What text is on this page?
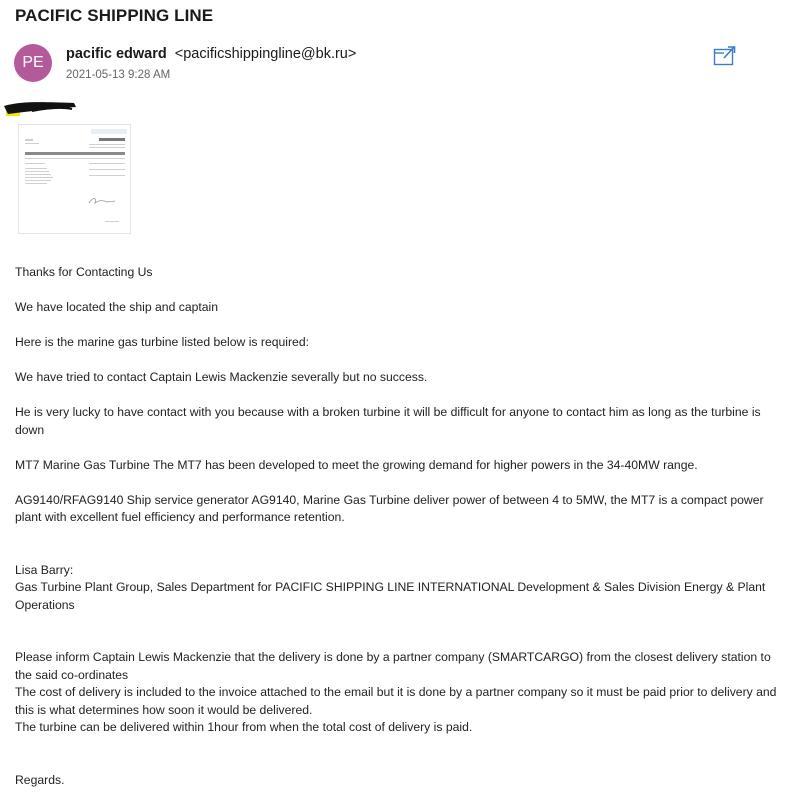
PACIFIC SHIPPING LINE
PE pacific edward <pacificshippingline@bk.ru>
2021-05-13 9:28 AM

Thanks for Contacting Us

We have located the ship and captain

Here is the marine gas turbine listed below is required:

We have tried to contact Captain Lewis Mackenzie severally but no success.

He is very lucky to have contact with you because with a broken turbine it will be difficult for anyone to contact him as long as the turbine is down

MT7 Marine Gas Turbine The MT7 has been developed to meet the growing demand for higher powers in the 34-40MW range.

AG9140/RFAG9140 Ship service generator AG9140, Marine Gas Turbine deliver power of between 4 to 5MW, the MT7 is a compact power plant with excellent fuel efficiency and performance retention.

Lisa Barry:

Gas Turbine Plant Group, Sales Department for PACIFIC SHIPPING LINE INTERNATIONAL Development & Sales Division Energy & Plant Operations

Please inform Captain Lewis Mackenzie that the delivery is done by a partner company (SMARTCARGO) from the closest delivery station to the said co-ordinates

The cost of delivery is included to the invoice attached to the email but it is done by a partner company so it must be paid prior to delivery and this is what determines how soon it would be delivered.

The turbine can be delivered within 1hour from when the total cost of delivery is paid.

Regards.
